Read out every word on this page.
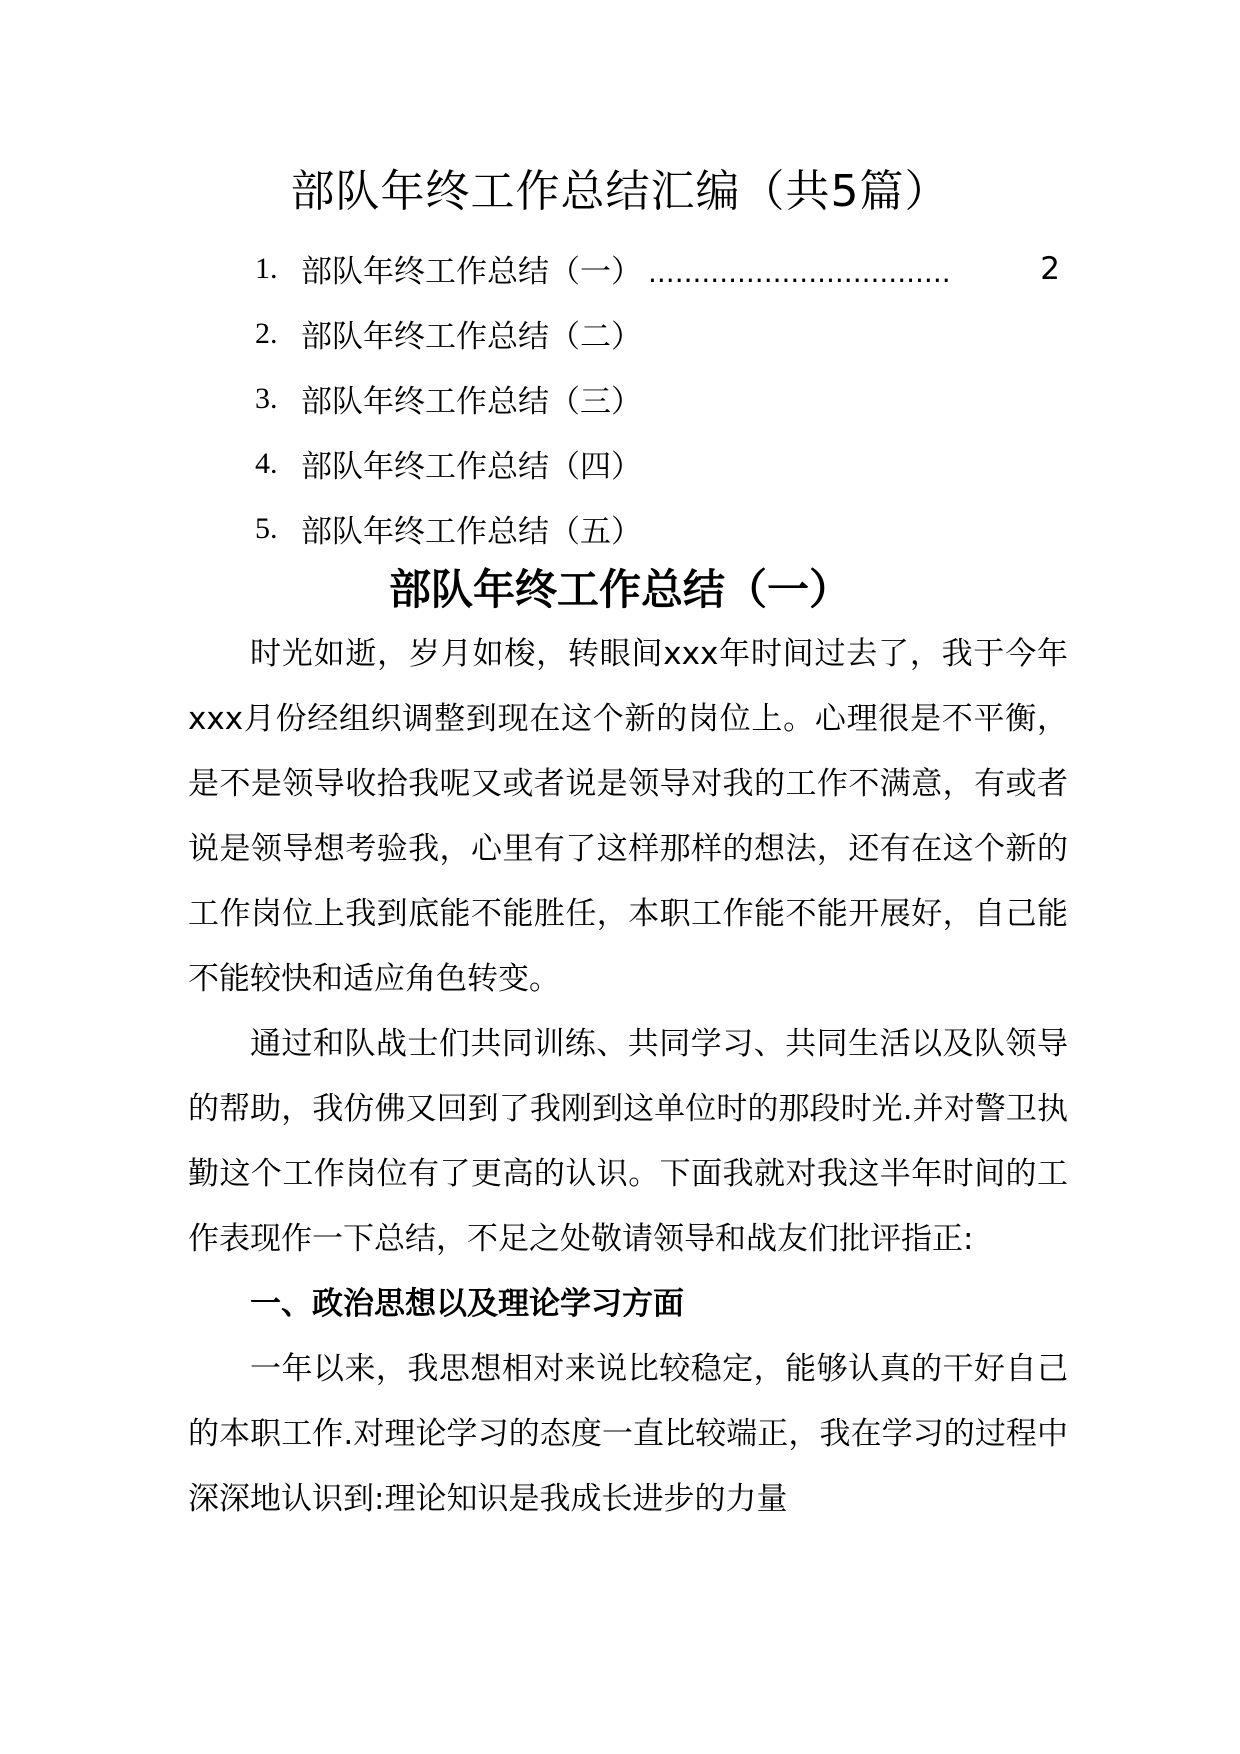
部队年终工作总结汇编（共5篇）
1. 部队年终工作总结（一） ..................................	2
2. 部队年终工作总结（二）
3. 部队年终工作总结（三）
4. 部队年终工作总结（四）
5. 部队年终工作总结（五）
部队年终工作总结（一）

时光如逝，岁月如梭，转眼间xxx年时间过去了，我于今年xxx月份经组织调整到现在这个新的岗位上。心理很是不平衡，是不是领导收拾我呢又或者说是领导对我的工作不满意，有或者说是领导想考验我，心里有了这样那样的想法，还有在这个新的工作岗位上我到底能不能胜任，本职工作能不能开展好，自己能不能较快和适应角色转变。

通过和队战士们共同训练、共同学习、共同生活以及队领导的帮助，我仿佛又回到了我刚到这单位时的那段时光.并对警卫执勤这个工作岗位有了更高的认识。下面我就对我这半年时间的工作表现作一下总结，不足之处敬请领导和战友们批评指正:

一、政治思想以及理论学习方面

一年以来，我思想相对来说比较稳定，能够认真的干好自己的本职工作.对理论学习的态度一直比较端正，我在学习的过程中深深地认识到:理论知识是我成长进步的力量
